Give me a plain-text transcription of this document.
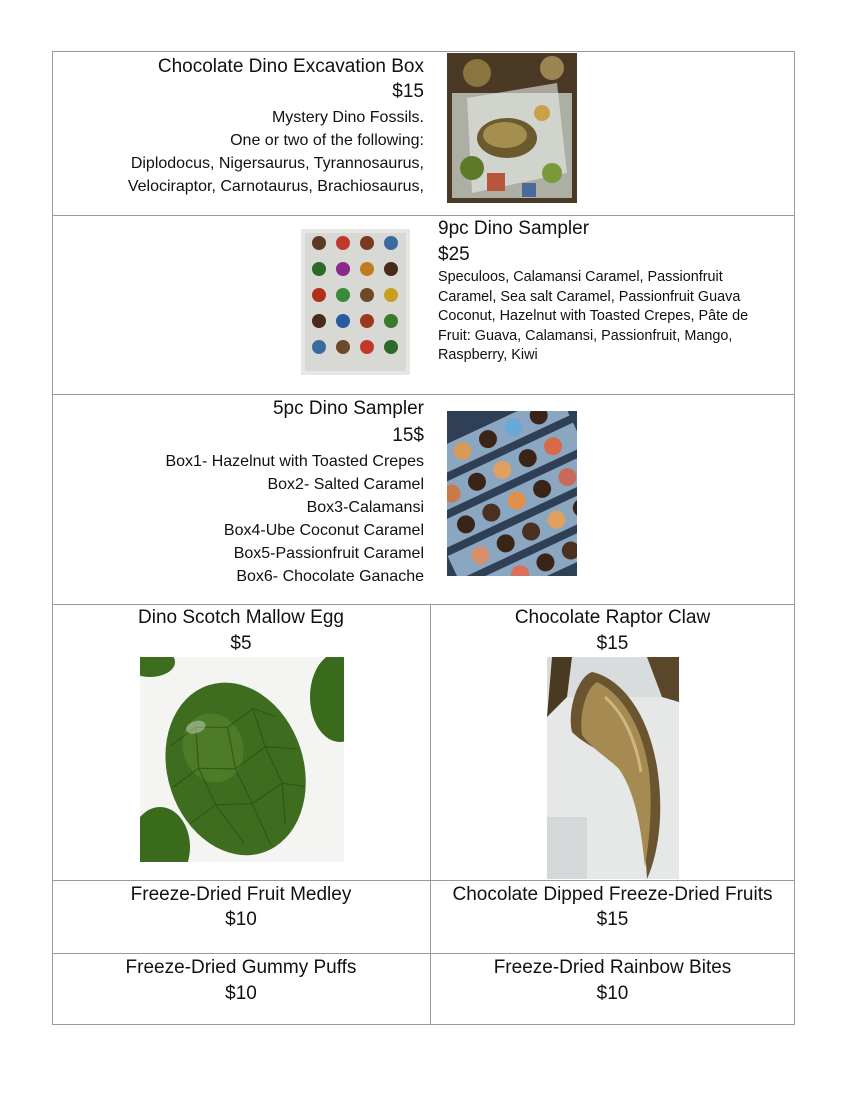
Chocolate Dino Excavation Box
$15
Mystery Dino Fossils.
One or two of the following:
Diplodocus, Nigersaurus, Tyrannosaurus,
Velociraptor, Carnotaurus, Brachiosaurus,
9pc Dino Sampler
$25
Speculoos, Calamansi Caramel, Passionfruit
Caramel, Sea salt Caramel, Passionfruit Guava
Coconut, Hazelnut with Toasted Crepes, Pâte de
Fruit: Guava, Calamansi, Passionfruit, Mango,
Raspberry, Kiwi
5pc Dino Sampler
15$
Box1- Hazelnut with Toasted Crepes
Box2- Salted Caramel
Box3-Calamansi
Box4-Ube Coconut Caramel
Box5-Passionfruit Caramel
Box6- Chocolate Ganache
Dino Scotch Mallow Egg
$5
Chocolate Raptor Claw
$15
Freeze-Dried Fruit Medley
$10
Chocolate Dipped Freeze-Dried Fruits
$15
Freeze-Dried Gummy Puffs
$10
Freeze-Dried Rainbow Bites
$10
